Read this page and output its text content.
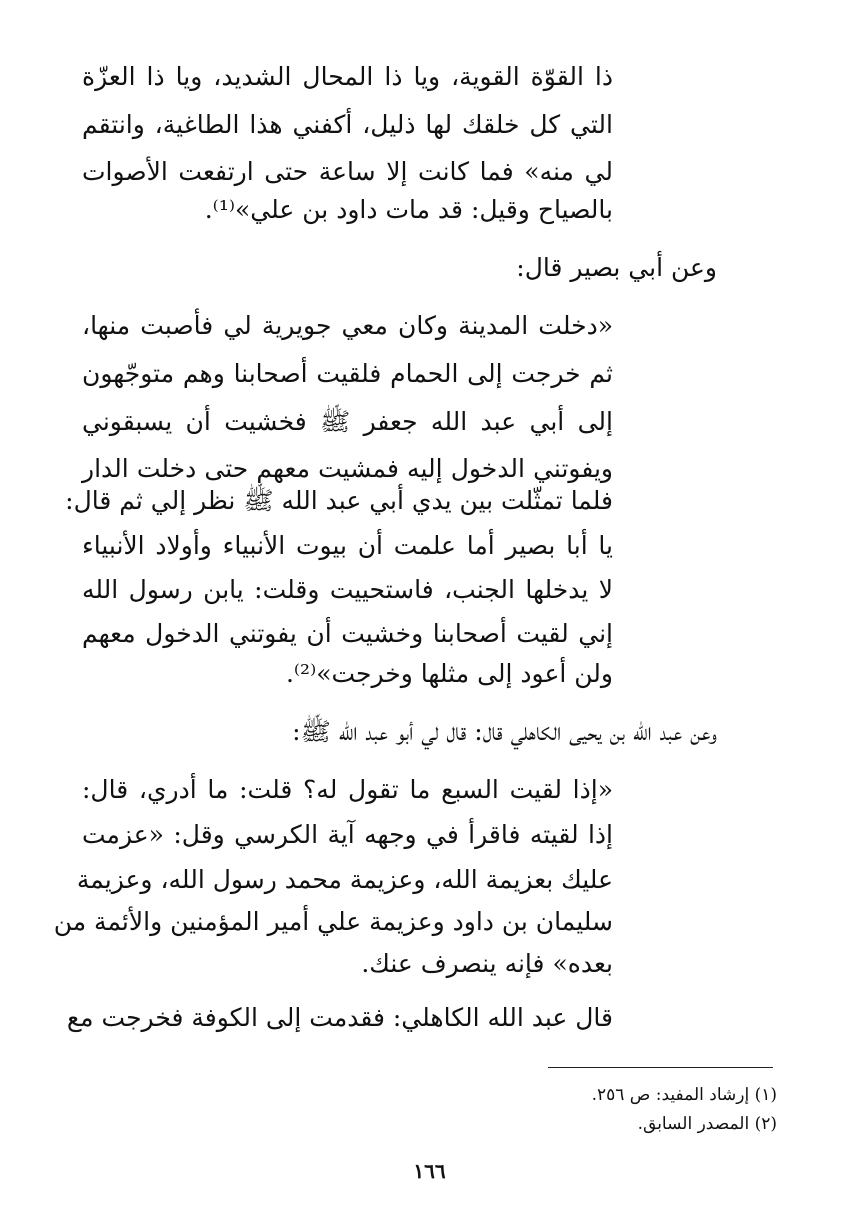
ذا القوّة القوية، ويا ذا المحال الشديد، ويا ذا العزّة
التي كل خلقك لها ذليل، أكفني هذا الطاغية، وانتقم
لي منه» فما كانت إلا ساعة حتى ارتفعت الأصوات
بالصياح وقيل: قد مات داود بن علي»⁽¹⁾.
وعن أبي بصير قال:
«دخلت المدينة وكان معي جويرية لي فأصبت منها،
ثم خرجت إلى الحمام فلقيت أصحابنا وهم متوجّهون
إلى أبي عبد الله جعفر ﷺ فخشيت أن يسبقوني
ويفوتني الدخول إليه فمشيت معهم حتى دخلت الدار
فلما تمثّلت بين يدي أبي عبد الله ﷺ نظر إلي ثم قال:
يا أبا بصير أما علمت أن بيوت الأنبياء وأولاد الأنبياء
لا يدخلها الجنب، فاستحييت وقلت: يابن رسول الله
إني لقيت أصحابنا وخشيت أن يفوتني الدخول معهم
ولن أعود إلى مثلها وخرجت»⁽²⁾.
وعن عبد الله بن يحيى الكاهلي قال: قال لي أبو عبد الله ﷺ:
«إذا لقيت السبع ما تقول له؟ قلت: ما أدري، قال:
إذا لقيته فاقرأ في وجهه آية الكرسي وقل: «عزمت
عليك بعزيمة الله، وعزيمة محمد رسول الله، وعزيمة
سليمان بن داود وعزيمة علي أمير المؤمنين والأئمة من
بعده» فإنه ينصرف عنك.
قال عبد الله الكاهلي: فقدمت إلى الكوفة فخرجت مع
(١) إرشاد المفيد: ص ٢٥٦.
(٢) المصدر السابق.
١٦٦
